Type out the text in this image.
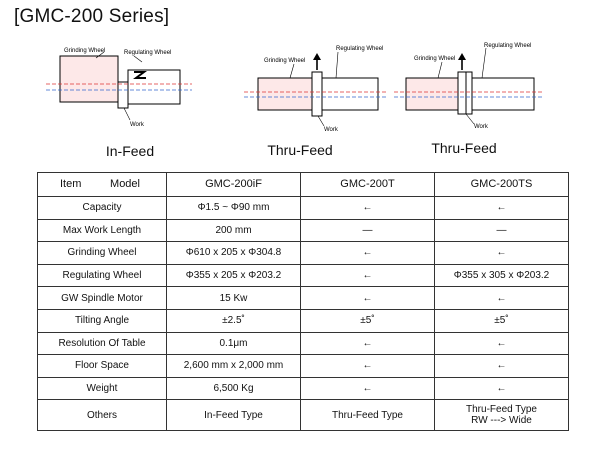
[GMC-200 Series]
Grinding Wheel	Regulating Wheel
Work
In-Feed
Grinding Wheel
Regulating Wheel
Work
Thru-Feed
Grinding Wheel
Regulating Wheel
Work
Thru-Feed
Item Model	GMC-200iF	GMC-200T	GMC-200TS
Capacity	Φ1.5 ~ Φ90 mm	←	←
Max Work Length	200 mm	—	—
Grinding Wheel	Φ610 x 205 x Φ304.8	←	←
Regulating Wheel	Φ355 x 205 x Φ203.2	←	Φ355 x 305 x Φ203.2
GW Spindle Motor	15 Kw	←	←
Tilting Angle	±2.5˚	±5˚	±5˚
Resolution Of Table	0.1μm	←	←
Floor Space	2,600 mm x 2,000 mm	←	←
Weight	6,500 Kg	←	←
Others	In-Feed Type	Thru-Feed Type	Thru-Feed Type
RW ---> Wide
